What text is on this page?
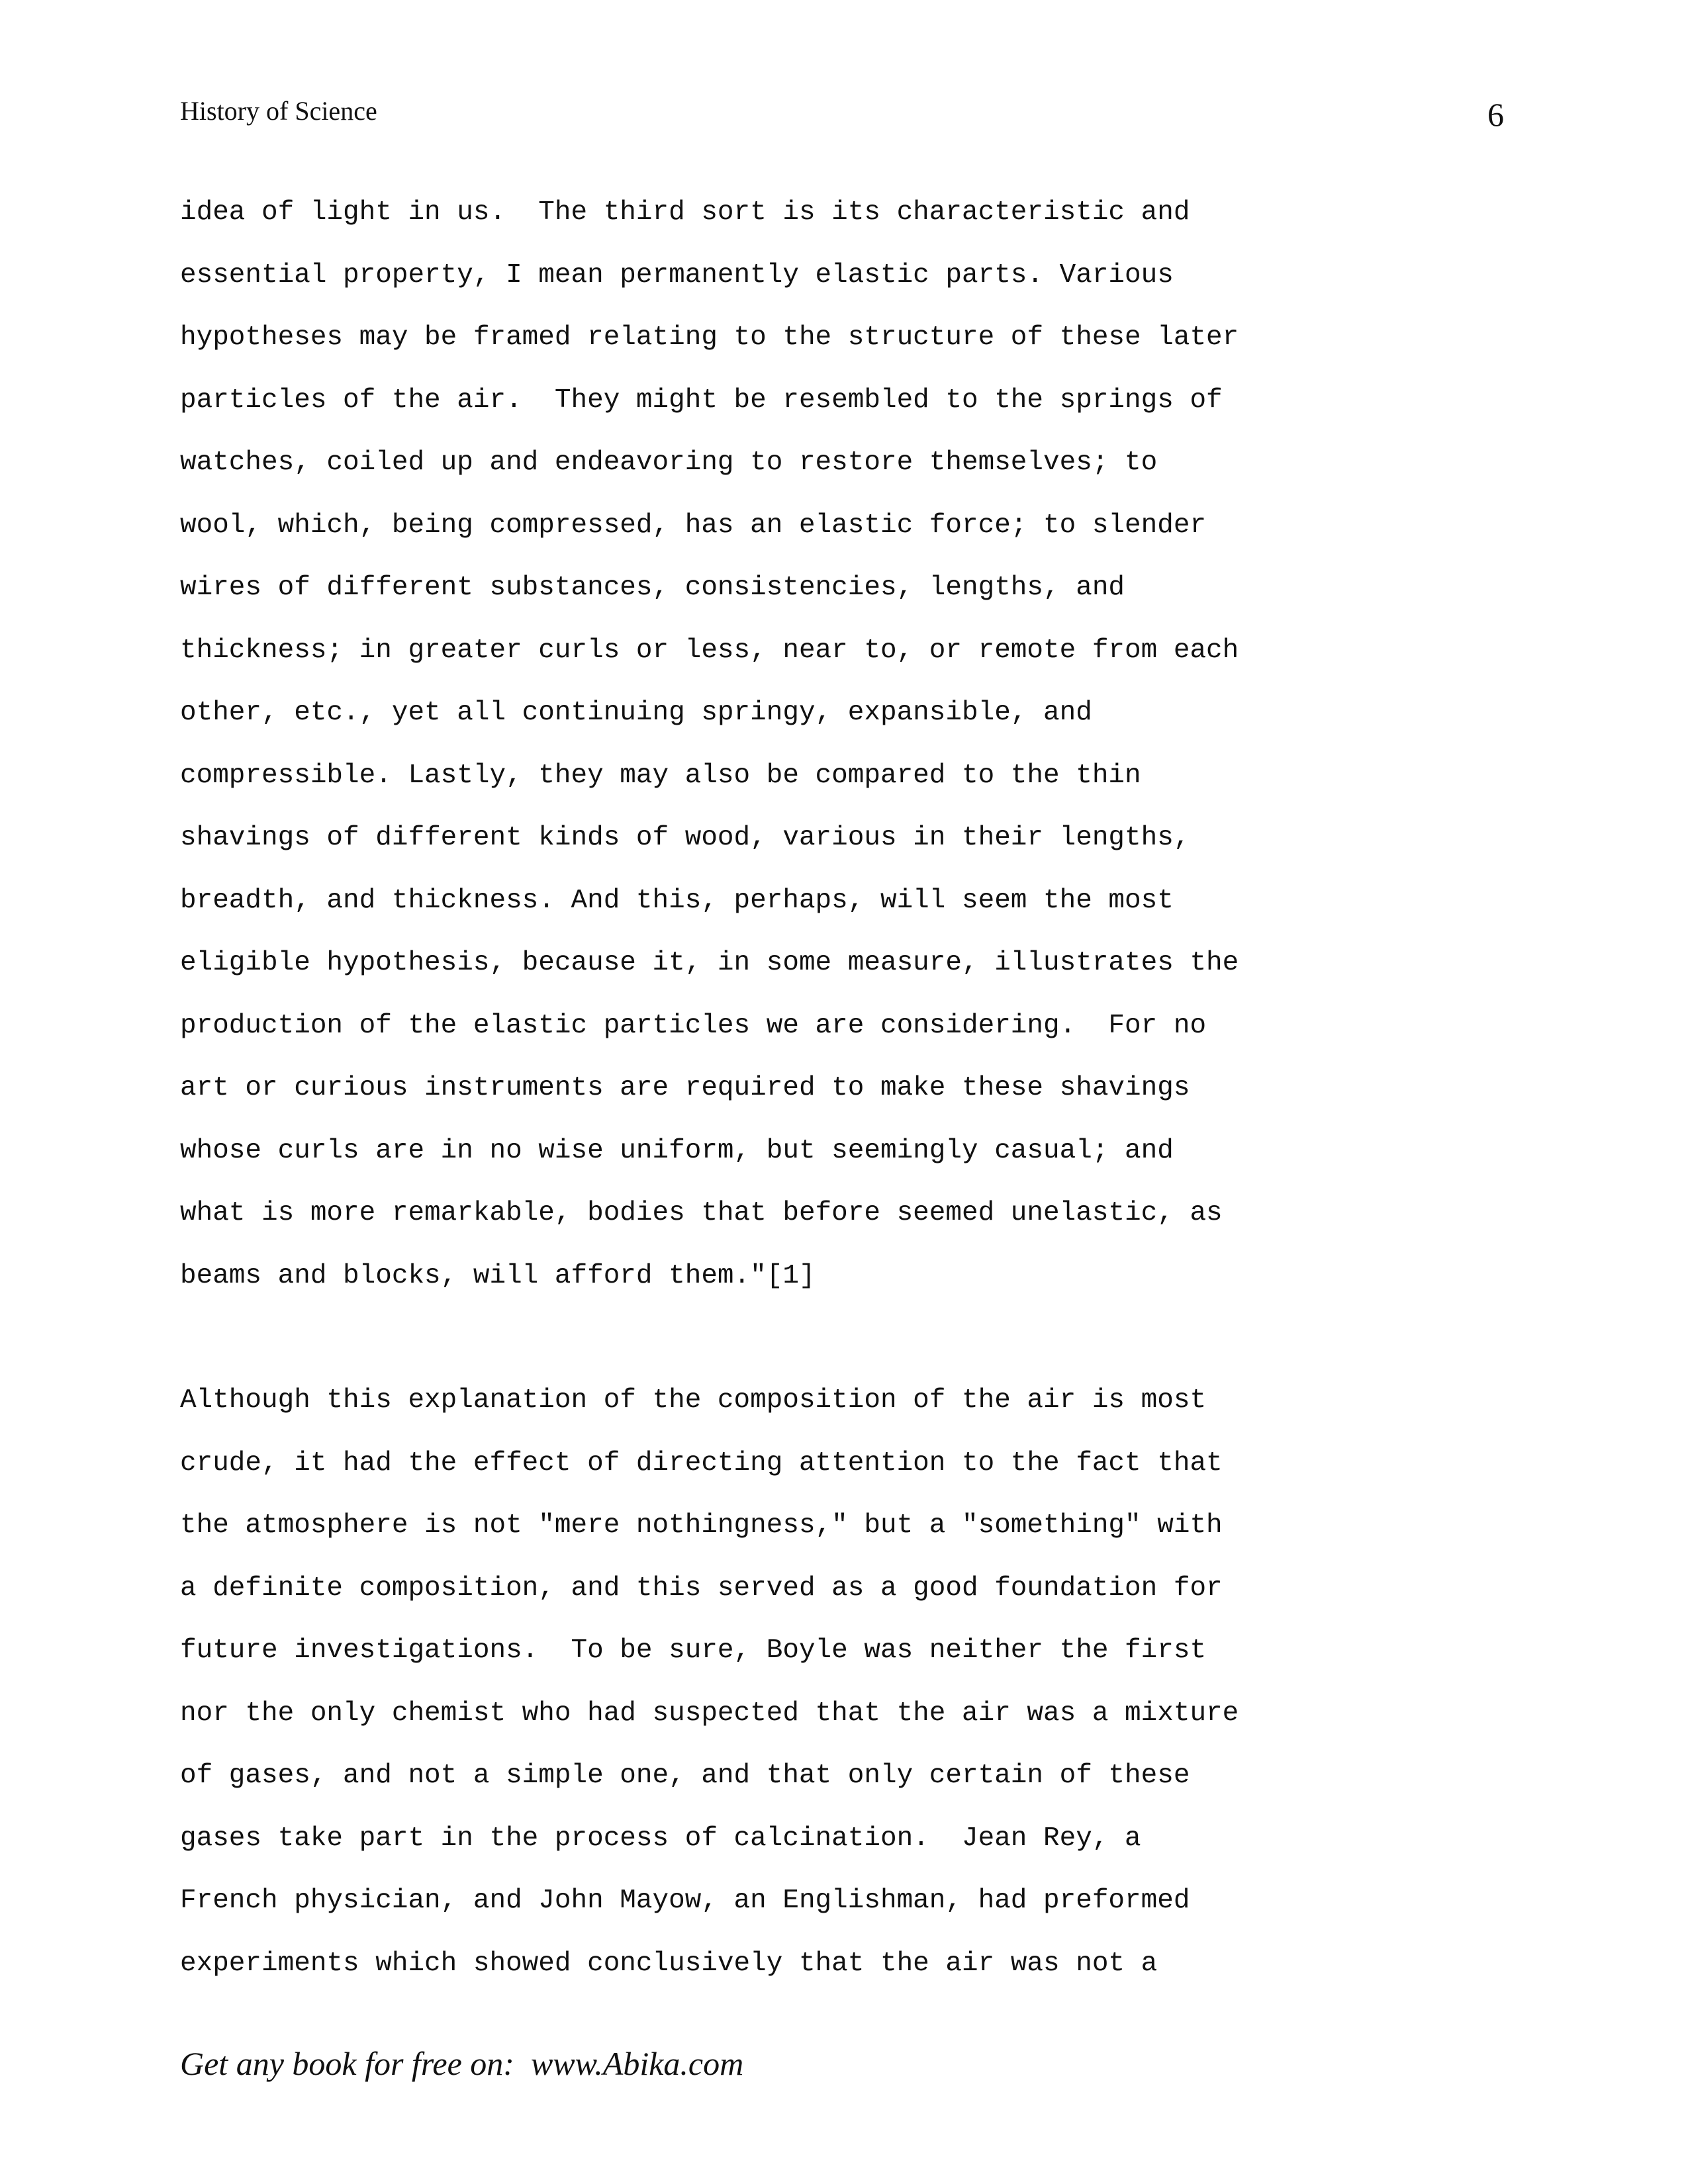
History of Science	6
idea of light in us.  The third sort is its characteristic and
essential property, I mean permanently elastic parts. Various
hypotheses may be framed relating to the structure of these later
particles of the air.  They might be resembled to the springs of
watches, coiled up and endeavoring to restore themselves; to
wool, which, being compressed, has an elastic force; to slender
wires of different substances, consistencies, lengths, and
thickness; in greater curls or less, near to, or remote from each
other, etc., yet all continuing springy, expansible, and
compressible. Lastly, they may also be compared to the thin
shavings of different kinds of wood, various in their lengths,
breadth, and thickness. And this, perhaps, will seem the most
eligible hypothesis, because it, in some measure, illustrates the
production of the elastic particles we are considering.  For no
art or curious instruments are required to make these shavings
whose curls are in no wise uniform, but seemingly casual; and
what is more remarkable, bodies that before seemed unelastic, as
beams and blocks, will afford them."[1]
Although this explanation of the composition of the air is most
crude, it had the effect of directing attention to the fact that
the atmosphere is not "mere nothingness," but a "something" with
a definite composition, and this served as a good foundation for
future investigations.  To be sure, Boyle was neither the first
nor the only chemist who had suspected that the air was a mixture
of gases, and not a simple one, and that only certain of these
gases take part in the process of calcination.  Jean Rey, a
French physician, and John Mayow, an Englishman, had preformed
experiments which showed conclusively that the air was not a
Get any book for free on:  www.Abika.com
